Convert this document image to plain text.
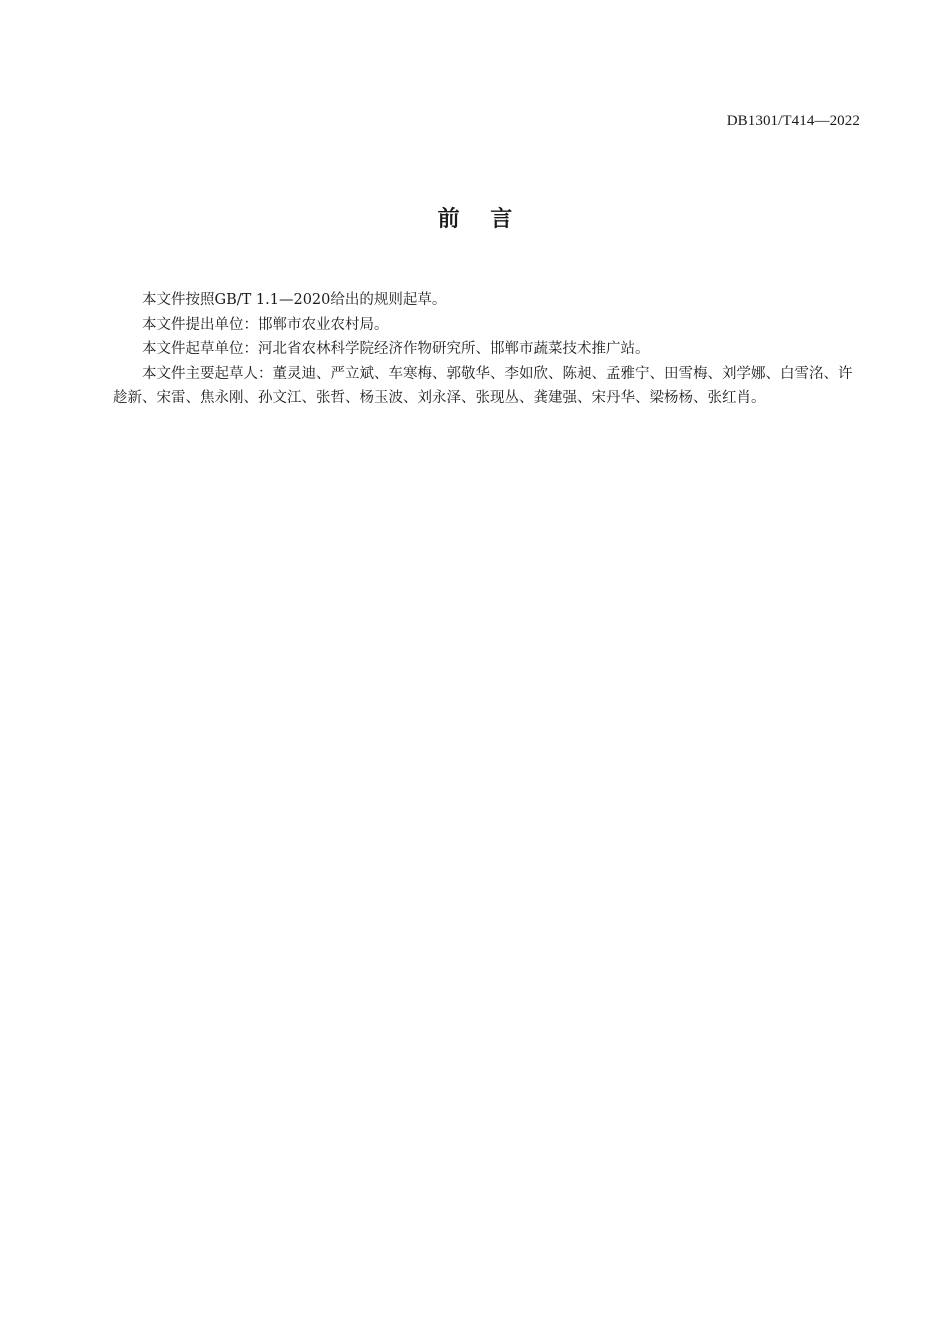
DB1301/T414—2022
前    言

本文件按照GB/T 1.1—2020给出的规则起草。

本文件提出单位：邯郸市农业农村局。

本文件起草单位：河北省农林科学院经济作物研究所、邯郸市蔬菜技术推广站。

本文件主要起草人：董灵迪、严立斌、车寒梅、郭敬华、李如欣、陈昶、孟雅宁、田雪梅、刘学娜、白雪洺、许趁新、宋雷、焦永刚、孙文江、张哲、杨玉波、刘永泽、张现丛、龚建强、宋丹华、梁杨杨、张红肖。
